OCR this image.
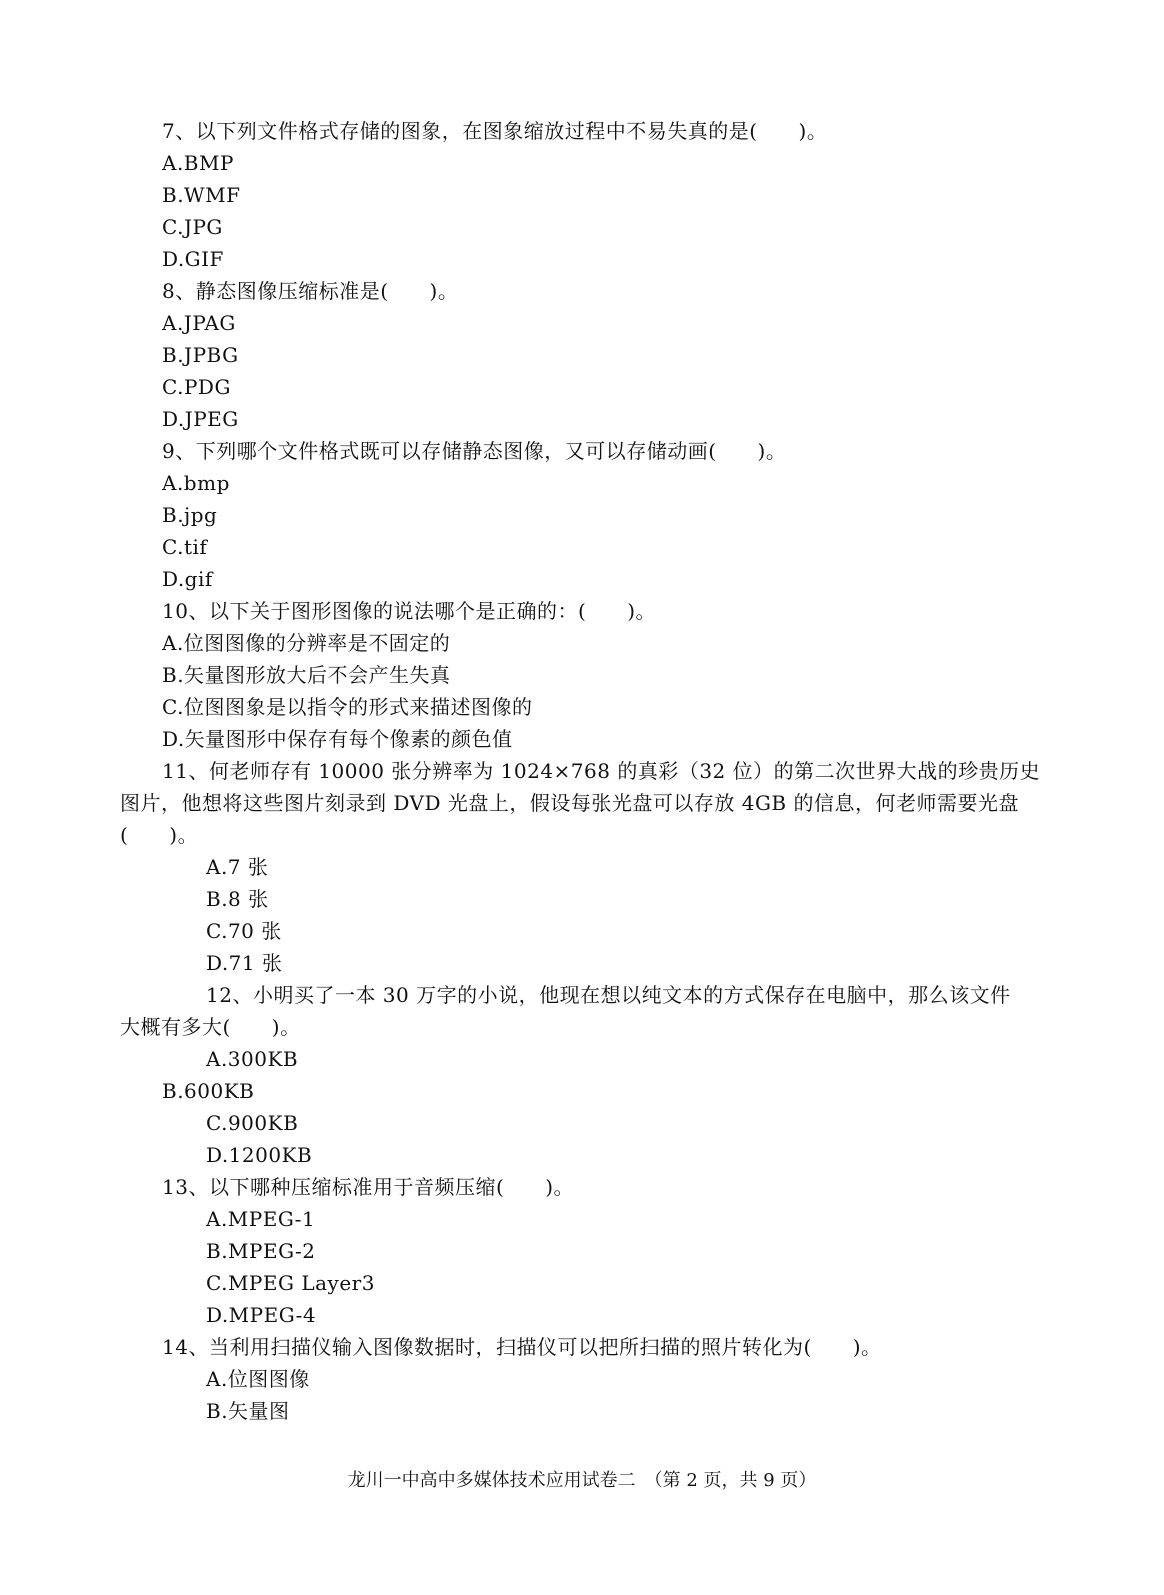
7、以下列文件格式存储的图象，在图象缩放过程中不易失真的是(　　)。
A.BMP
B.WMF
C.JPG
D.GIF
8、静态图像压缩标准是(　　)。
A.JPAG
B.JPBG
C.PDG
D.JPEG
9、下列哪个文件格式既可以存储静态图像，又可以存储动画(　　)。
A.bmp
B.jpg
C.tif
D.gif
10、以下关于图形图像的说法哪个是正确的：(　　)。
A.位图图像的分辨率是不固定的
B.矢量图形放大后不会产生失真
C.位图图象是以指令的形式来描述图像的
D.矢量图形中保存有每个像素的颜色值
11、何老师存有 10000 张分辨率为 1024×768 的真彩（32 位）的第二次世界大战的珍贵历史
图片，他想将这些图片刻录到 DVD 光盘上，假设每张光盘可以存放 4GB 的信息，何老师需要光盘
(　　)。
A.7 张
B.8 张
C.70 张
D.71 张
12、小明买了一本 30 万字的小说，他现在想以纯文本的方式保存在电脑中，那么该文件
大概有多大(　　)。
A.300KB
B.600KB
C.900KB
D.1200KB
13、以下哪种压缩标准用于音频压缩(　　)。
A.MPEG-1
B.MPEG-2
C.MPEG Layer3
D.MPEG-4
14、当利用扫描仪输入图像数据时，扫描仪可以把所扫描的照片转化为(　　)。
A.位图图像
B.矢量图
龙川一中高中多媒体技术应用试卷二　（第 2 页，共 9 页）
